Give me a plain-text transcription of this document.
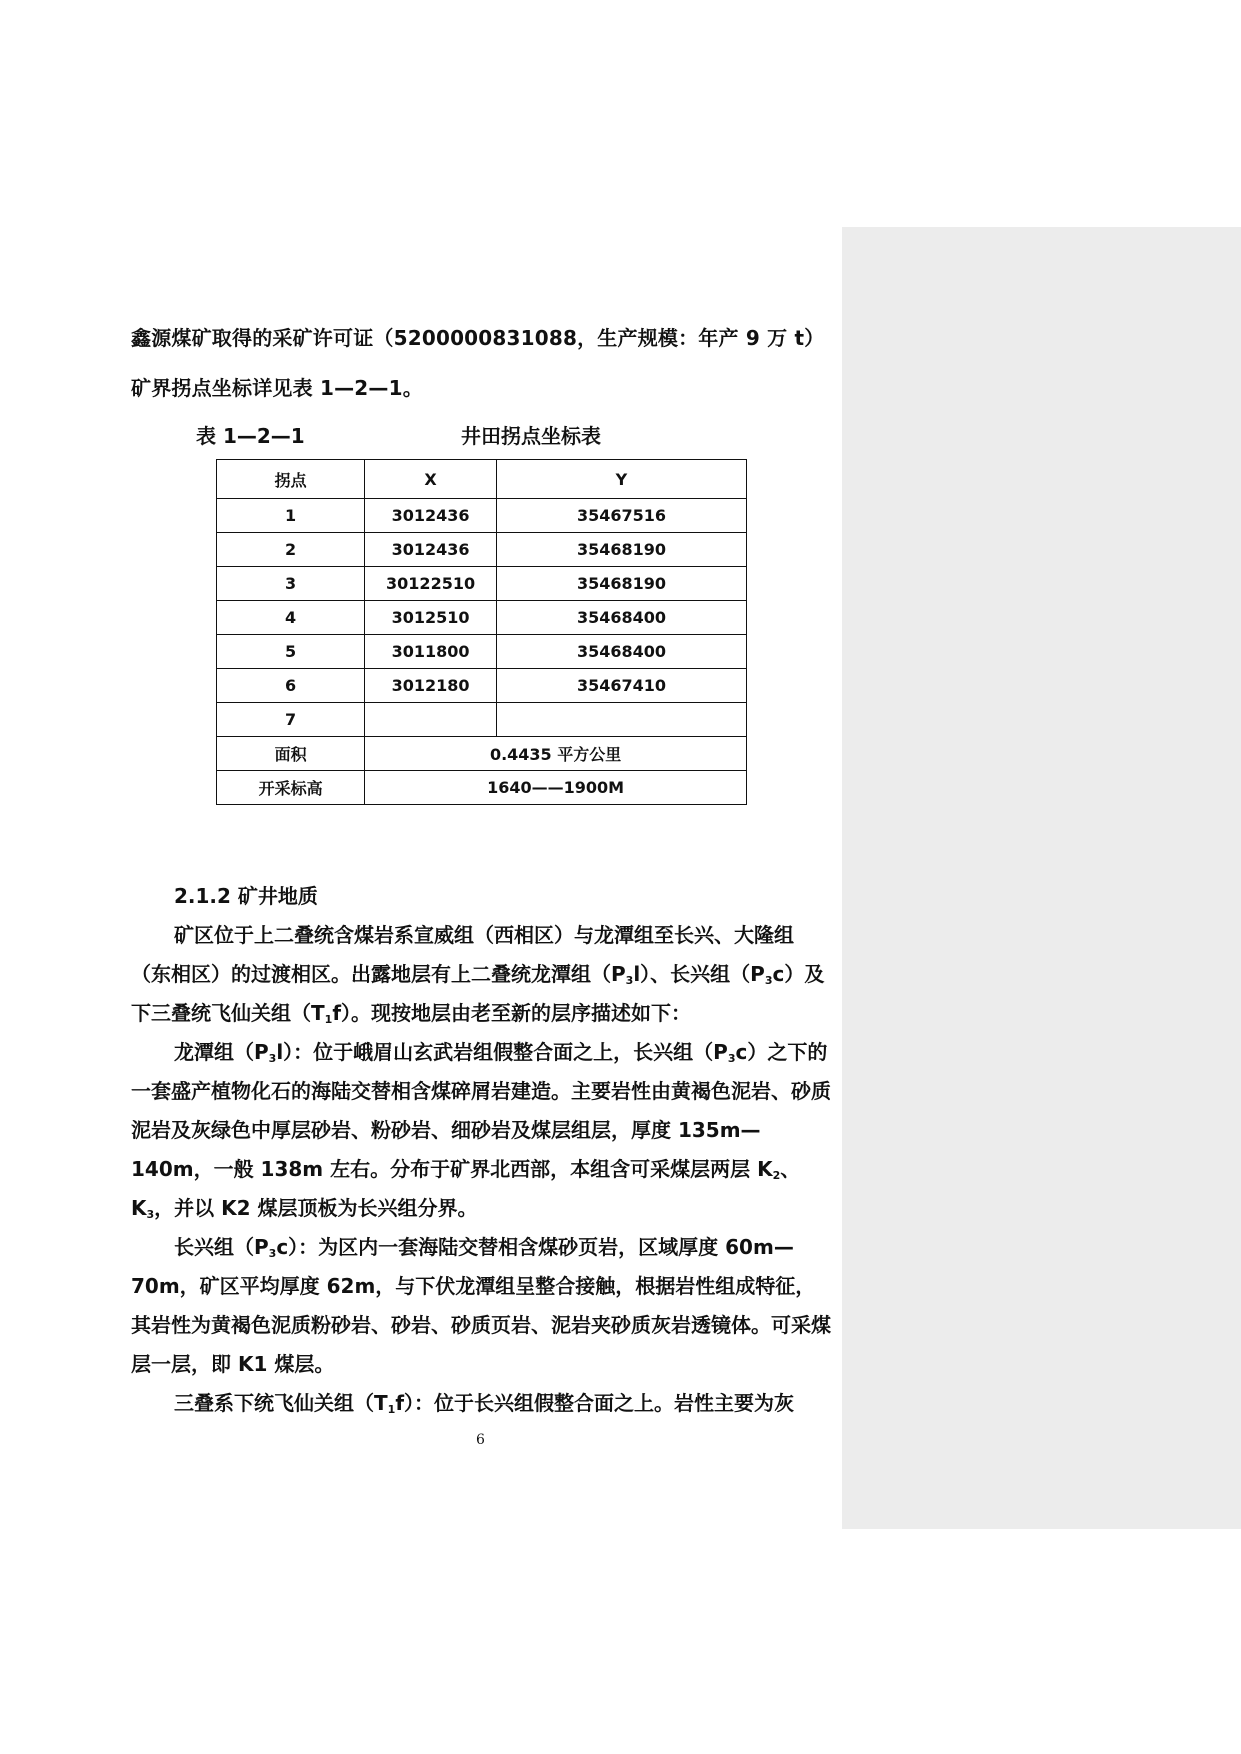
鑫源煤矿取得的采矿许可证（5200000831088，生产规模：年产 9 万 t）
矿界拐点坐标详见表 1—2—1。
表 1—2—1	井田拐点坐标表
拐点	X	Y
1	3012436	35467516
2	3012436	35468190
3	30122510	35468190
4	3012510	35468400
5	3011800	35468400
6	3012180	35467410
7		
面积	0.4435 平方公里	
开采标高	1640——1900M	
2.1.2 矿井地质
矿区位于上二叠统含煤岩系宣威组（西相区）与龙潭组至长兴、大隆组（东相区）的过渡相区。出露地层有上二叠统龙潭组$(P_3l)$、长兴组$(P_3c)$及下三叠统飞仙关组$(T_1f)$。现按地层由老至新的层序描述如下：
龙潭组$(P_3l)$：位于峨眉山玄武岩组假整合面之上，长兴组$(P_3c)$之下的一套盛产植物化石的海陆交替相含煤碎屑岩建造。主要岩性由黄褐色泥岩、砂质泥岩及灰绿色中厚层砂岩、粉砂岩、细砂岩及煤层组层，厚度 135m—140m，一般 138m 左右。分布于矿界北西部，本组含可采煤层两层 $K_2$、$K_3$，并以 K2 煤层顶板为长兴组分界。
长兴组$(P_3c)$：为区内一套海陆交替相含煤砂页岩，区域厚度 60m—70m，矿区平均厚度 62m，与下伏龙潭组呈整合接触，根据岩性组成特征，其岩性为黄褐色泥质粉砂岩、砂岩、砂质页岩、泥岩夹砂质灰岩透镜体。可采煤层一层，即 K1 煤层。
三叠系下统飞仙关组$(T_1f)$：位于长兴组假整合面之上。岩性主要为灰
6
